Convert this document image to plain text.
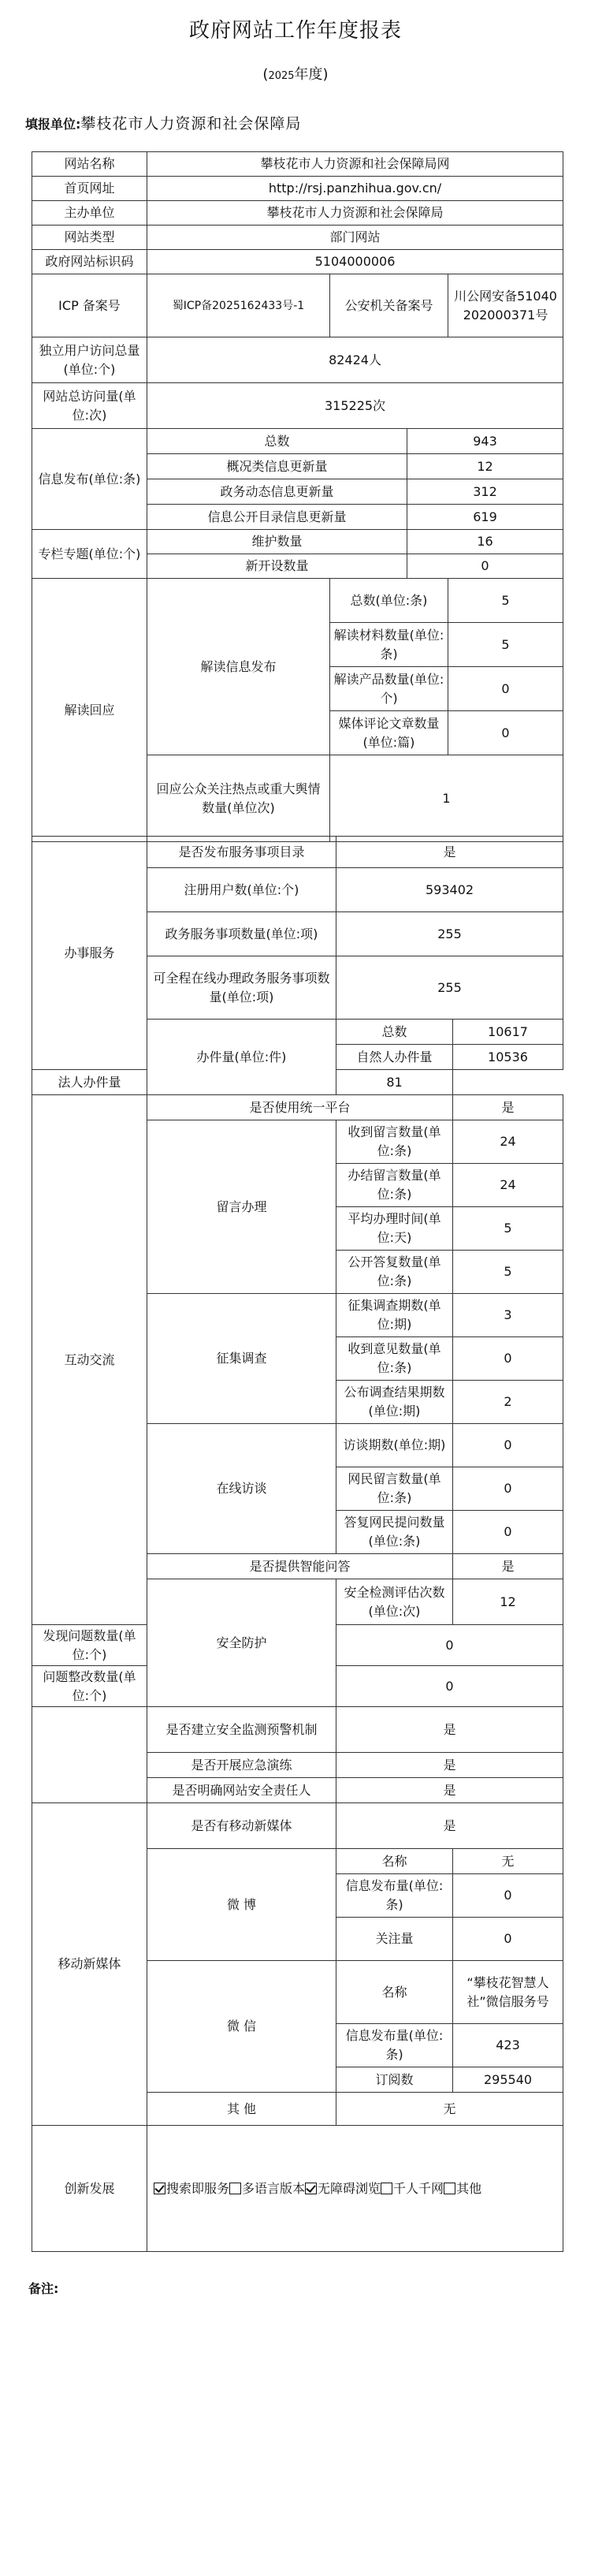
政府网站工作年度报表
(2025年度)
填报单位:攀枝花市人力资源和社会保障局
网站名称	攀枝花市人力资源和社会保障局网			
首页网址	http://rsj.panzhihua.gov.cn/			
主办单位	攀枝花市人力资源和社会保障局			
网站类型	部门网站			
政府网站标识码	5104000006			
ICP 备案号	蜀ICP备2025162433号-1	公安机关备案号		川公网安备51040202000371号
独立用户访问总量(单位:个)	82424人			
网站总访问量(单位:次)	315225次			
信息发布(单位:条)	总数		943	
	概况类信息更新量		12	
	政务动态信息更新量		312	
	信息公开目录信息更新量		619	
专栏专题(单位:个)	维护数量		16	
	新开设数量		0	
解读回应	解读信息发布	总数(单位:条)		5
		解读材料数量(单位:条)		5
		解读产品数量(单位:个)		0
		媒体评论文章数量(单位:篇)		0
	回应公众关注热点或重大舆情数量(单位次)	1		
办事服务	是否发布服务事项目录	是	
	注册用户数(单位:个)	593402	
	政务服务事项数量(单位:项)	255	
	可全程在线办理政务服务事项数量(单位:项)	255	
	办件量(单位:件)	总数	10617
		自然人办件量	10536
法人办件量		81	
互动交流	是否使用统一平台		是
	留言办理	收到留言数量(单位:条)	24
		办结留言数量(单位:条)	24
		平均办理时间(单位:天)	5
		公开答复数量(单位:条)	5
	征集调查	征集调查期数(单位:期)	3
		收到意见数量(单位:条)	0
		公布调查结果期数(单位:期)	2
	在线访谈	访谈期数(单位:期)	0
		网民留言数量(单位:条)	0
		答复网民提问数量(单位:条)	0
	是否提供智能问答		是
	安全防护	安全检测评估次数(单位:次)	12
发现问题数量(单位:个)		0	
问题整改数量(单位:个)		0	
	是否建立安全监测预警机制	是	
	是否开展应急演练	是	
	是否明确网站安全责任人	是	
移动新媒体	是否有移动新媒体	是	
	微 博	名称	无
		信息发布量(单位:条)	0
		关注量	0
	微 信	名称	“攀枝花智慧人社”微信服务号
		信息发布量(单位:条)	423
		订阅数	295540
	其 他	无	
创新发展	搜索即服务 多语言版本 无障碍浏览 千人千网 其他		
备注:
